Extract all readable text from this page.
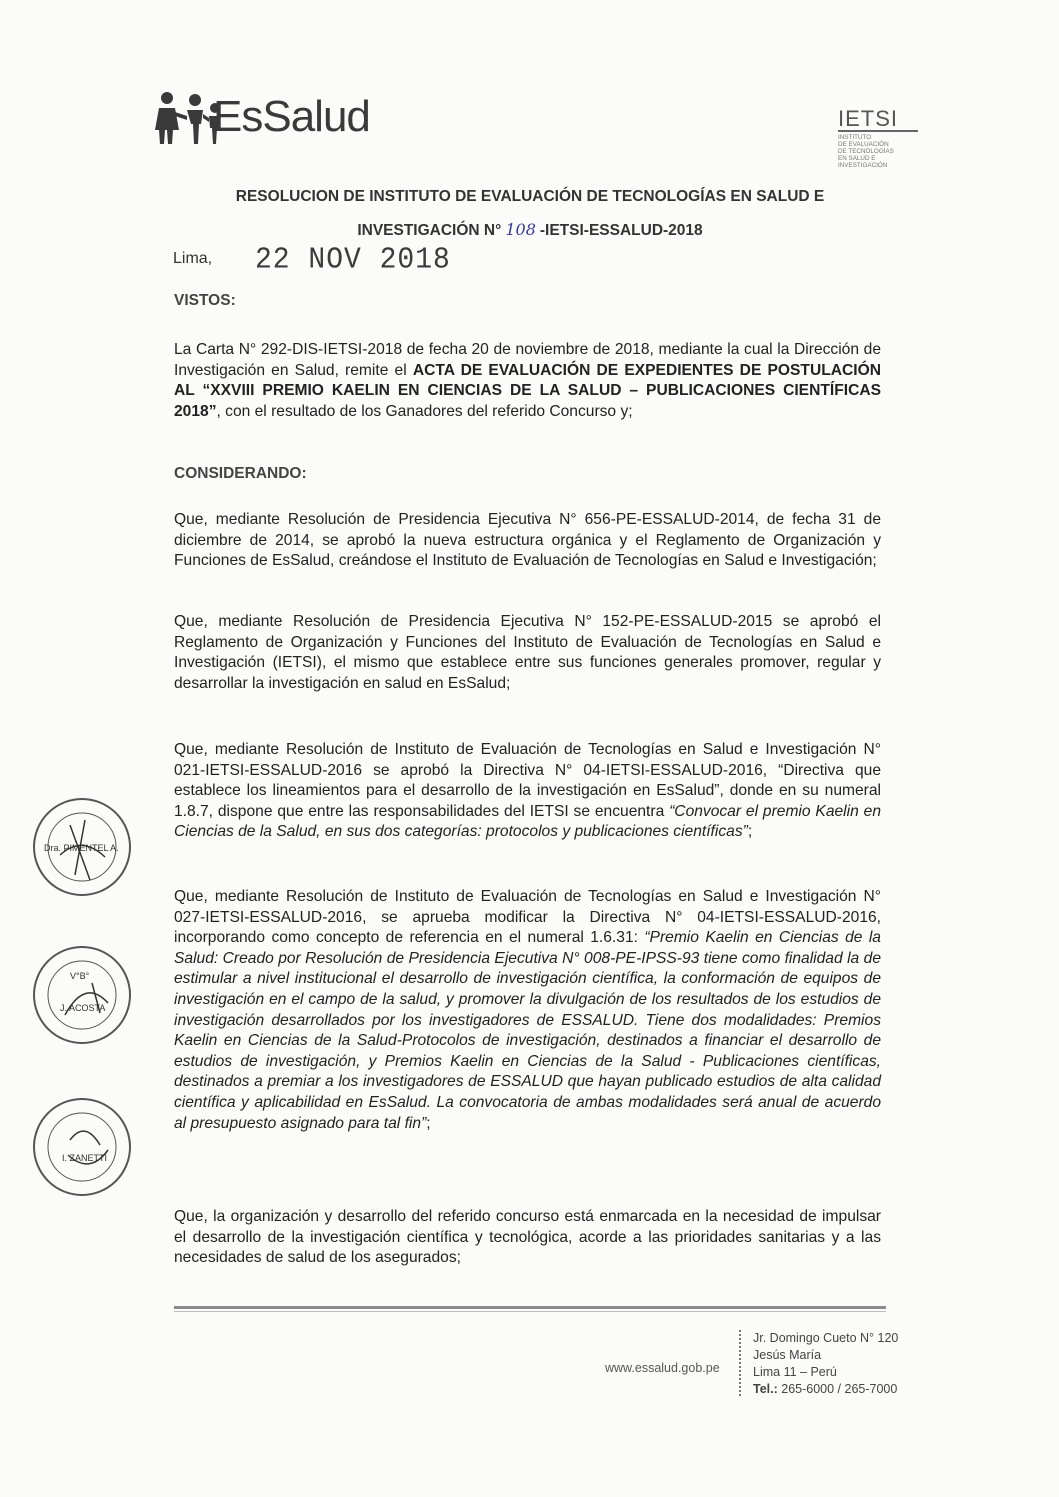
EsSalud	IETSI
INSTITUTO
DE EVALUACIÓN
DE TECNOLOGÍAS
EN SALUD E
INVESTIGACIÓN
RESOLUCION DE INSTITUTO DE EVALUACIÓN DE TECNOLOGÍAS EN SALUD E
INVESTIGACIÓN N° 108 -IETSI-ESSALUD-2018
Lima, 22 NOV 2018
VISTOS:
La Carta N° 292-DIS-IETSI-2018 de fecha 20 de noviembre de 2018, mediante la cual la Dirección de Investigación en Salud, remite el ACTA DE EVALUACIÓN DE EXPEDIENTES DE POSTULACIÓN AL “XXVIII PREMIO KAELIN EN CIENCIAS DE LA SALUD – PUBLICACIONES CIENTÍFICAS 2018”, con el resultado de los Ganadores del referido Concurso y;
CONSIDERANDO:
Que, mediante Resolución de Presidencia Ejecutiva N° 656-PE-ESSALUD-2014, de fecha 31 de diciembre de 2014, se aprobó la nueva estructura orgánica y el Reglamento de Organización y Funciones de EsSalud, creándose el Instituto de Evaluación de Tecnologías en Salud e Investigación;
Que, mediante Resolución de Presidencia Ejecutiva N° 152-PE-ESSALUD-2015 se aprobó el Reglamento de Organización y Funciones del Instituto de Evaluación de Tecnologías en Salud e Investigación (IETSI), el mismo que establece entre sus funciones generales promover, regular y desarrollar la investigación en salud en EsSalud;
Que, mediante Resolución de Instituto de Evaluación de Tecnologías en Salud e Investigación N° 021-IETSI-ESSALUD-2016 se aprobó la Directiva N° 04-IETSI-ESSALUD-2016, “Directiva que establece los lineamientos para el desarrollo de la investigación en EsSalud”, donde en su numeral 1.8.7, dispone que entre las responsabilidades del IETSI se encuentra “Convocar el premio Kaelin en Ciencias de la Salud, en sus dos categorías: protocolos y publicaciones científicas”;
Que, mediante Resolución de Instituto de Evaluación de Tecnologías en Salud e Investigación N° 027-IETSI-ESSALUD-2016, se aprueba modificar la Directiva N° 04-IETSI-ESSALUD-2016, incorporando como concepto de referencia en el numeral 1.6.31: “Premio Kaelin en Ciencias de la Salud: Creado por Resolución de Presidencia Ejecutiva N° 008-PE-IPSS-93 tiene como finalidad la de estimular a nivel institucional el desarrollo de investigación científica, la conformación de equipos de investigación en el campo de la salud, y promover la divulgación de los resultados de los estudios de investigación desarrollados por los investigadores de ESSALUD. Tiene dos modalidades: Premios Kaelin en Ciencias de la Salud-Protocolos de investigación, destinados a financiar el desarrollo de estudios de investigación, y Premios Kaelin en Ciencias de la Salud - Publicaciones científicas, destinados a premiar a los investigadores de ESSALUD que hayan publicado estudios de alta calidad científica y aplicabilidad en EsSalud. La convocatoria de ambas modalidades será anual de acuerdo al presupuesto asignado para tal fin”;
Que, la organización y desarrollo del referido concurso está enmarcada en la necesidad de impulsar el desarrollo de la investigación científica y tecnológica, acorde a las prioridades sanitarias y a las necesidades de salud de los asegurados;
Dra. PIMENTEL A.
V°B°
J. ACOSTA
I. ZANETTI
www.essalud.gob.pe
Jr. Domingo Cueto N° 120
Jesús María
Lima 11 – Perú
Tel.: 265-6000 / 265-7000
